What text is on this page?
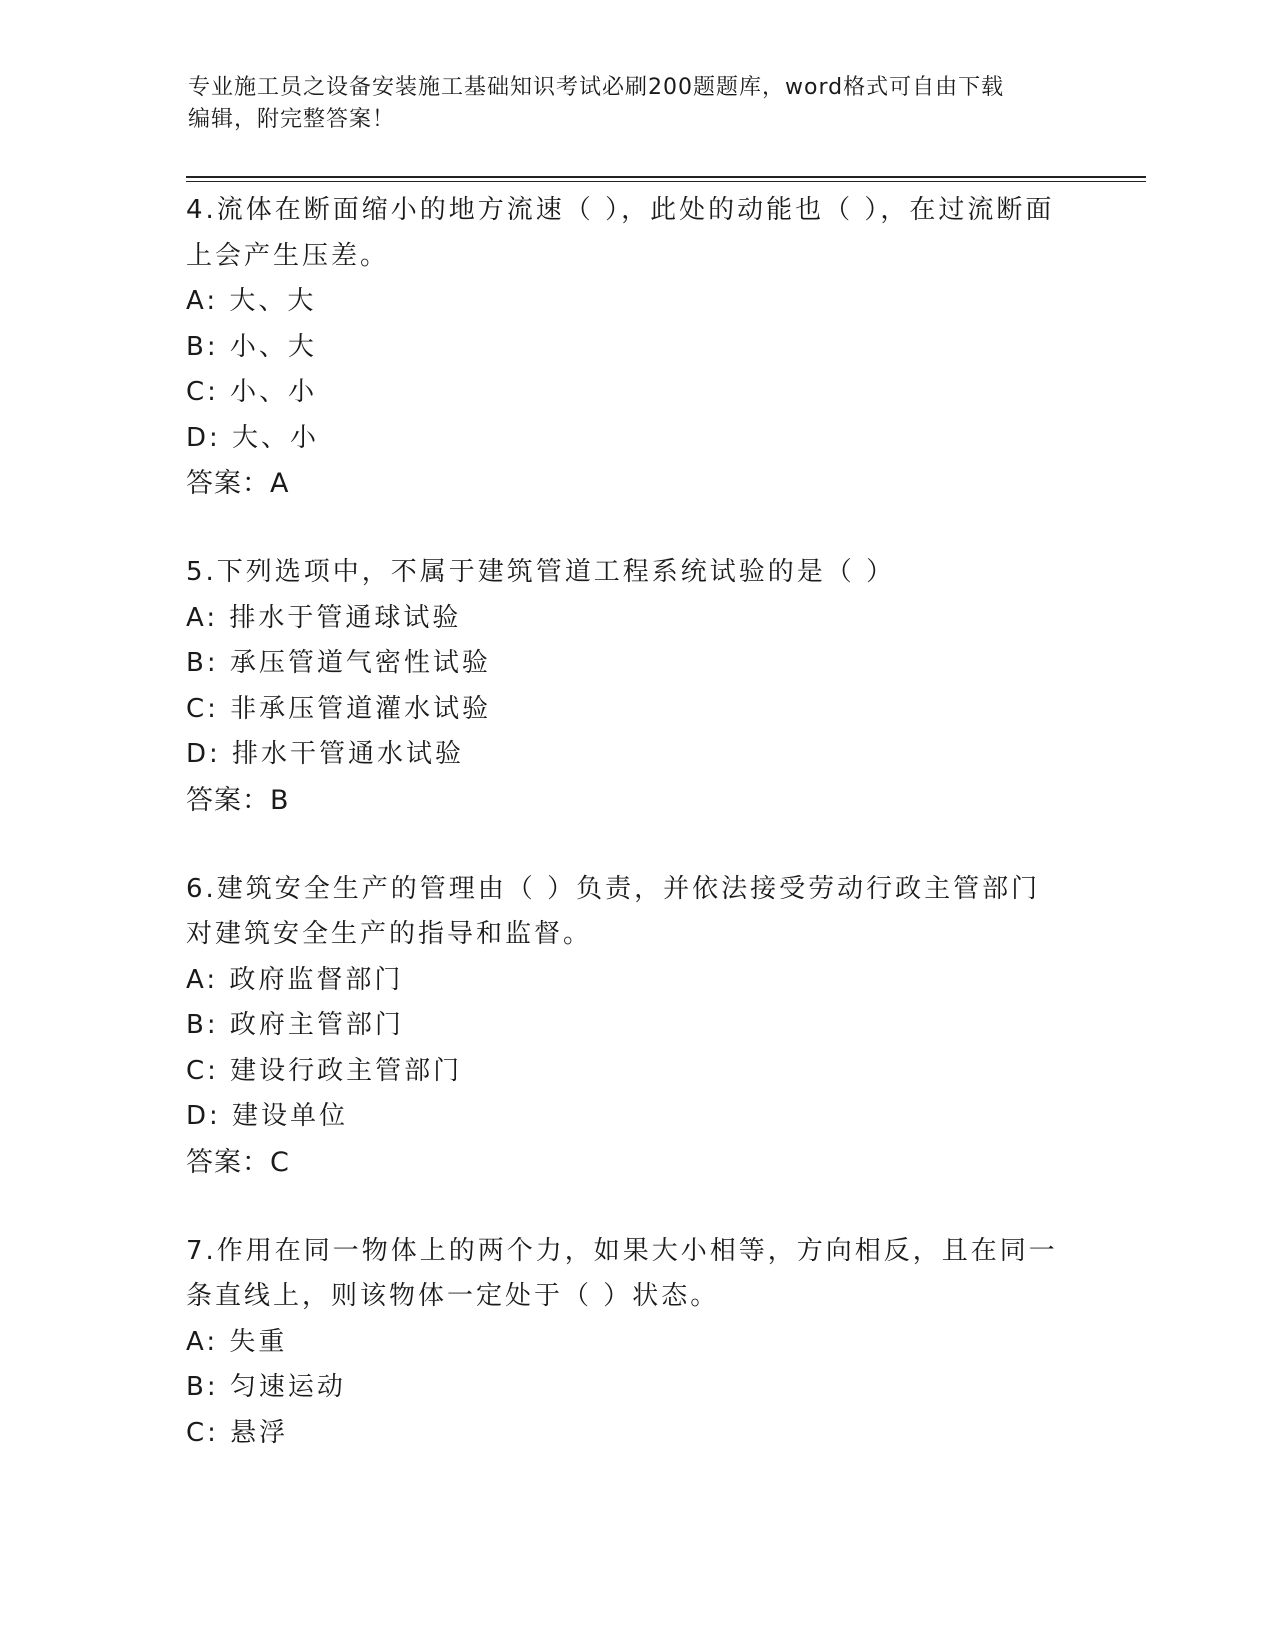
专业施工员之设备安装施工基础知识考试必刷200题题库，word格式可自由下载
编辑，附完整答案！

4.流体在断面缩小的地方流速（ ），此处的动能也（ ），在过流断面上会产生压差。

A: 大、大

B: 小、大

C: 小、小

D: 大、小

答案：A

5.下列选项中，不属于建筑管道工程系统试验的是（ ）

A: 排水于管通球试验

B: 承压管道气密性试验

C: 非承压管道灌水试验

D: 排水干管通水试验

答案：B

6.建筑安全生产的管理由（ ）负责，并依法接受劳动行政主管部门对建筑安全生产的指导和监督。

A: 政府监督部门

B: 政府主管部门

C: 建设行政主管部门

D: 建设单位

答案：C

7.作用在同一物体上的两个力，如果大小相等，方向相反，且在同一条直线上，则该物体一定处于（ ）状态。

A: 失重

B: 匀速运动

C: 悬浮
